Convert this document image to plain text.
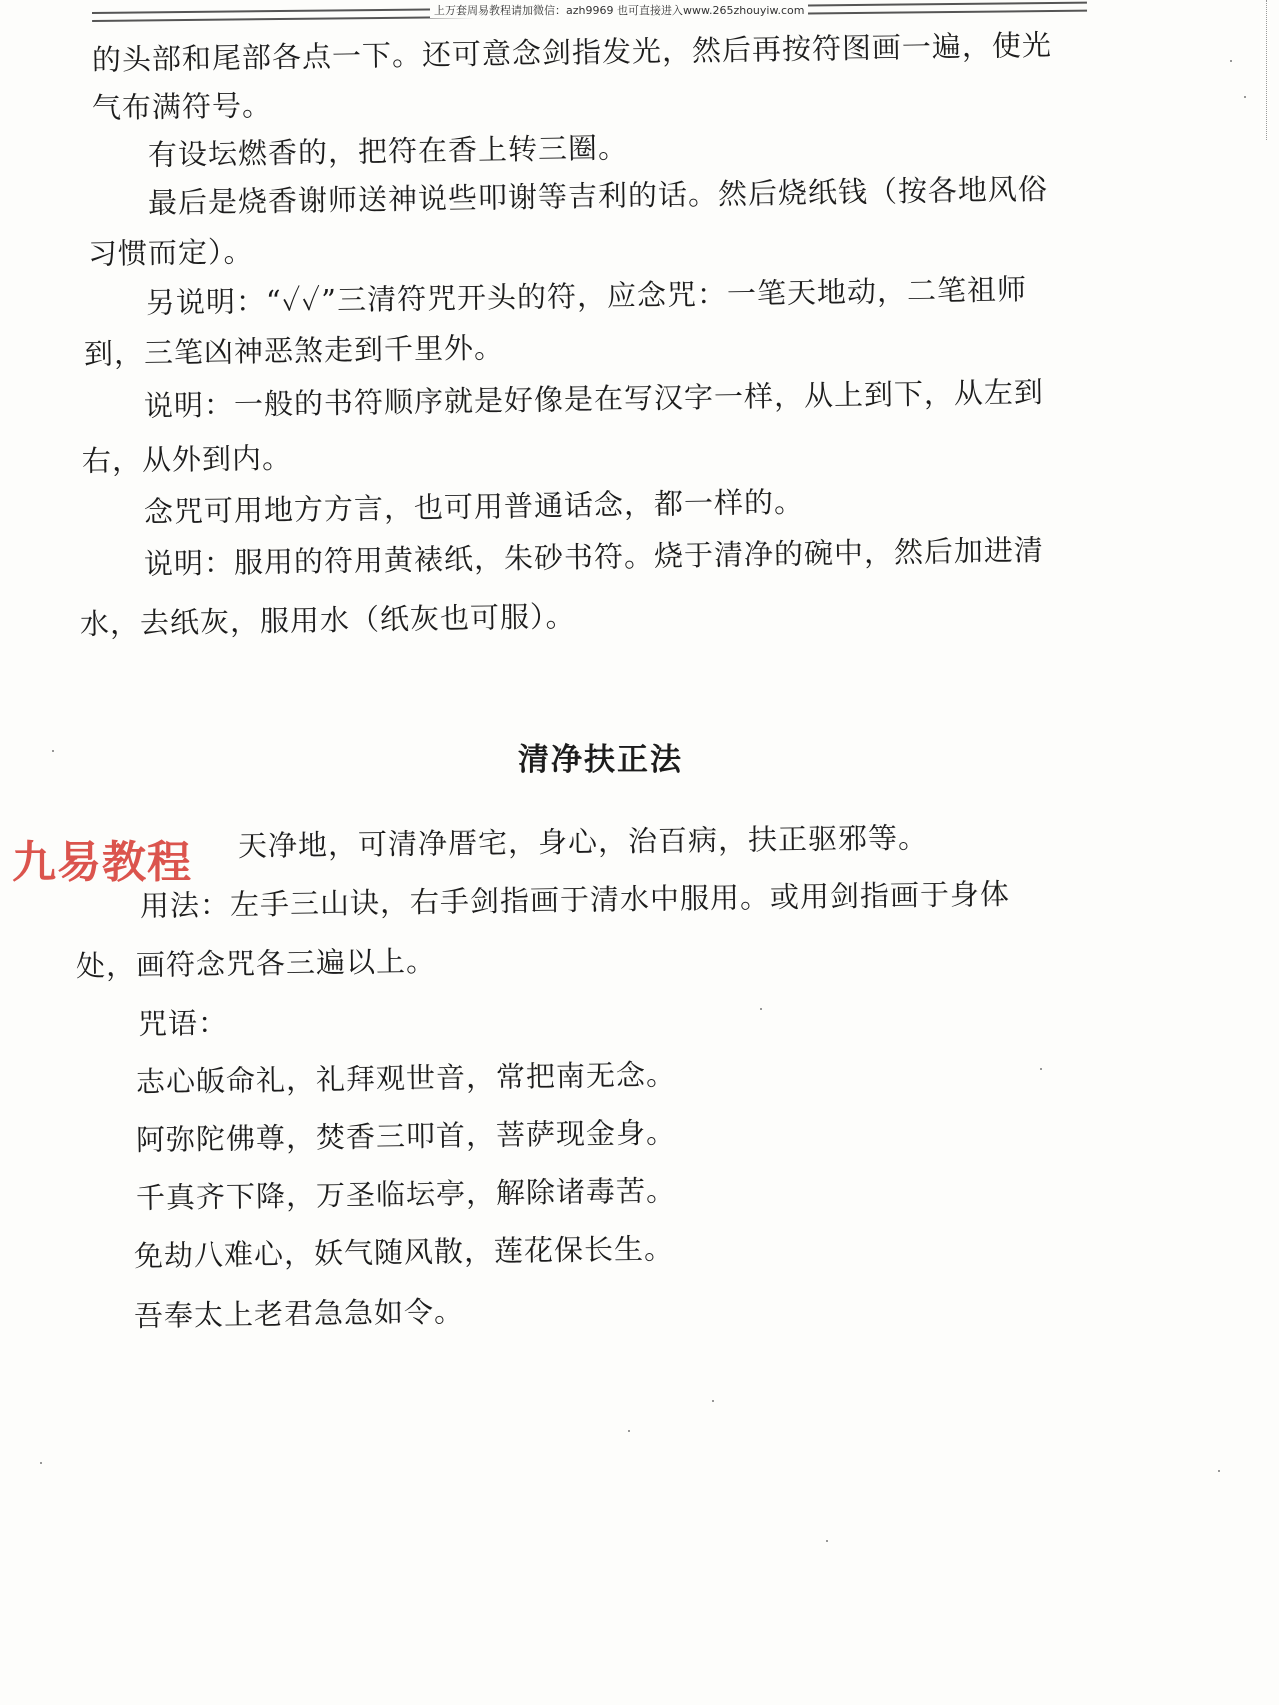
上万套周易教程请加微信：azh9969 也可直接进入www.265zhouyiw.com
的头部和尾部各点一下。还可意念剑指发光，然后再按符图画一遍，使光
气布满符号。
有设坛燃香的，把符在香上转三圈。
最后是烧香谢师送神说些叩谢等吉利的话。然后烧纸钱（按各地风俗
习惯而定）。
另说明：“✓✓”三清符咒开头的符，应念咒：一笔天地动，二笔祖师
到，三笔凶神恶煞走到千里外。
说明：一般的书符顺序就是好像是在写汉字一样，从上到下，从左到
右，从外到内。
念咒可用地方方言，也可用普通话念，都一样的。
说明：服用的符用黄裱纸，朱砂书符。烧于清净的碗中，然后加进清
水，去纸灰，服用水（纸灰也可服）。
清净扶正法
天净地，可清净厝宅，身心，治百病，扶正驱邪等。
九易教程
用法：左手三山诀，右手剑指画于清水中服用。或用剑指画于身体
处，画符念咒各三遍以上。
咒语：
志心皈命礼，礼拜观世音，常把南无念。
阿弥陀佛尊，焚香三叩首，菩萨现金身。
千真齐下降，万圣临坛亭，解除诸毒苦。
免劫八难心，妖气随风散，莲花保长生。
吾奉太上老君急急如令。
